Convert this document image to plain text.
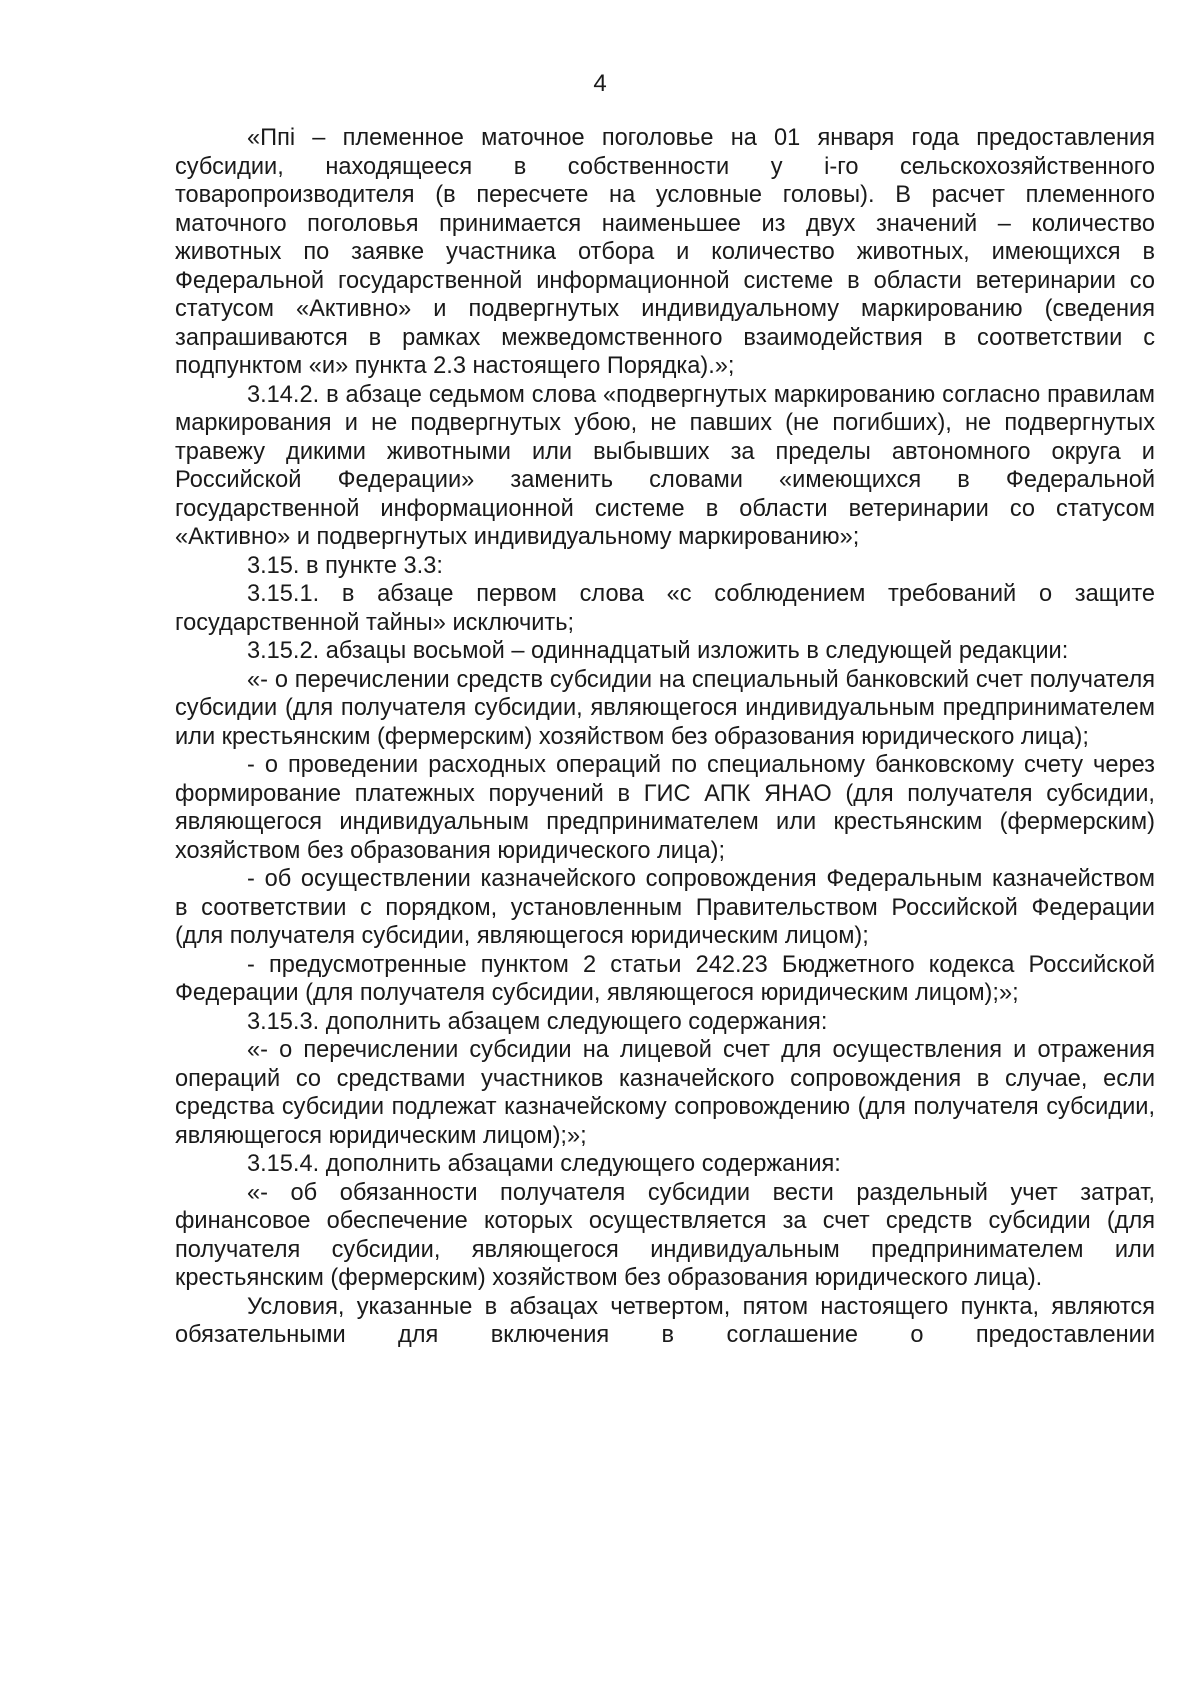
4

«Ппi – племенное маточное поголовье на 01 января года предоставления субсидии, находящееся в собственности у i-го сельскохозяйственного товаропроизводителя (в пересчете на условные головы). В расчет племенного маточного поголовья принимается наименьшее из двух значений – количество животных по заявке участника отбора и количество животных, имеющихся в Федеральной государственной информационной системе в области ветеринарии со статусом «Активно» и подвергнутых индивидуальному маркированию (сведения запрашиваются в рамках межведомственного взаимодействия в соответствии с подпунктом «и» пункта 2.3 настоящего Порядка).»;

3.14.2. в абзаце седьмом слова «подвергнутых маркированию согласно правилам маркирования и не подвергнутых убою, не павших (не погибших), не подвергнутых травежу дикими животными или выбывших за пределы автономного округа и Российской Федерации» заменить словами «имеющихся в Федеральной государственной информационной системе в области ветеринарии со статусом «Активно» и подвергнутых индивидуальному маркированию»;

3.15. в пункте 3.3:

3.15.1. в абзаце первом слова «с соблюдением требований о защите государственной тайны» исключить;

3.15.2. абзацы восьмой – одиннадцатый изложить в следующей редакции:

«- о перечислении средств субсидии на специальный банковский счет получателя субсидии (для получателя субсидии, являющегося индивидуальным предпринимателем или крестьянским (фермерским) хозяйством без образования юридического лица);

- о проведении расходных операций по специальному банковскому счету через формирование платежных поручений в ГИС АПК ЯНАО (для получателя субсидии, являющегося индивидуальным предпринимателем или крестьянским (фермерским) хозяйством без образования юридического лица);

- об осуществлении казначейского сопровождения Федеральным казначейством в соответствии с порядком, установленным Правительством Российской Федерации (для получателя субсидии, являющегося юридическим лицом);

- предусмотренные пунктом 2 статьи 242.23 Бюджетного кодекса Российской Федерации (для получателя субсидии, являющегося юридическим лицом);»;

3.15.3. дополнить абзацем следующего содержания:

«- о перечислении субсидии на лицевой счет для осуществления и отражения операций со средствами участников казначейского сопровождения в случае, если средства субсидии подлежат казначейскому сопровождению (для получателя субсидии, являющегося юридическим лицом);»;

3.15.4. дополнить абзацами следующего содержания:

«- об обязанности получателя субсидии вести раздельный учет затрат, финансовое обеспечение которых осуществляется за счет средств субсидии (для получателя субсидии, являющегося индивидуальным предпринимателем или крестьянским (фермерским) хозяйством без образования юридического лица).

Условия, указанные в абзацах четвертом, пятом настоящего пункта, являются обязательными для включения в соглашение о предоставлении
